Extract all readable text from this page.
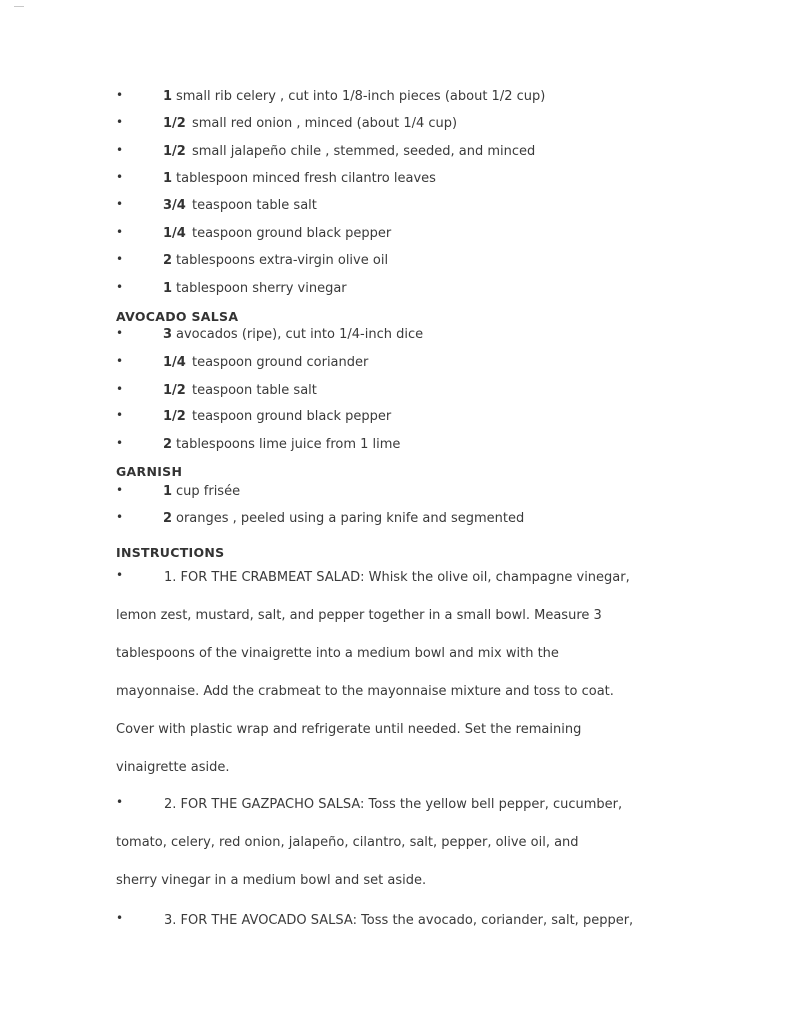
•	1 small rib celery , cut into 1/8-inch pieces (about 1/2 cup)
•	1/2 small red onion , minced (about 1/4 cup)
•	1/2 small jalapeño chile , stemmed, seeded, and minced
•	1 tablespoon minced fresh cilantro leaves
•	3/4 teaspoon table salt
•	1/4 teaspoon ground black pepper
•	2 tablespoons extra-virgin olive oil
•	1 tablespoon sherry vinegar
AVOCADO SALSA
•	3 avocados (ripe), cut into 1/4-inch dice
•	1/4 teaspoon ground coriander
•	1/2 teaspoon table salt
•	1/2 teaspoon ground black pepper
•	2 tablespoons lime juice from 1 lime
GARNISH
•	1 cup frisée
•	2 oranges , peeled using a paring knife and segmented
INSTRUCTIONS
•	1. FOR THE CRABMEAT SALAD: Whisk the olive oil, champagne vinegar,
lemon zest, mustard, salt, and pepper together in a small bowl. Measure 3
tablespoons of the vinaigrette into a medium bowl and mix with the
mayonnaise. Add the crabmeat to the mayonnaise mixture and toss to coat.
Cover with plastic wrap and refrigerate until needed. Set the remaining
vinaigrette aside.
•	2. FOR THE GAZPACHO SALSA: Toss the yellow bell pepper, cucumber,
tomato, celery, red onion, jalapeño, cilantro, salt, pepper, olive oil, and
sherry vinegar in a medium bowl and set aside.
•	3. FOR THE AVOCADO SALSA: Toss the avocado, coriander, salt, pepper,
